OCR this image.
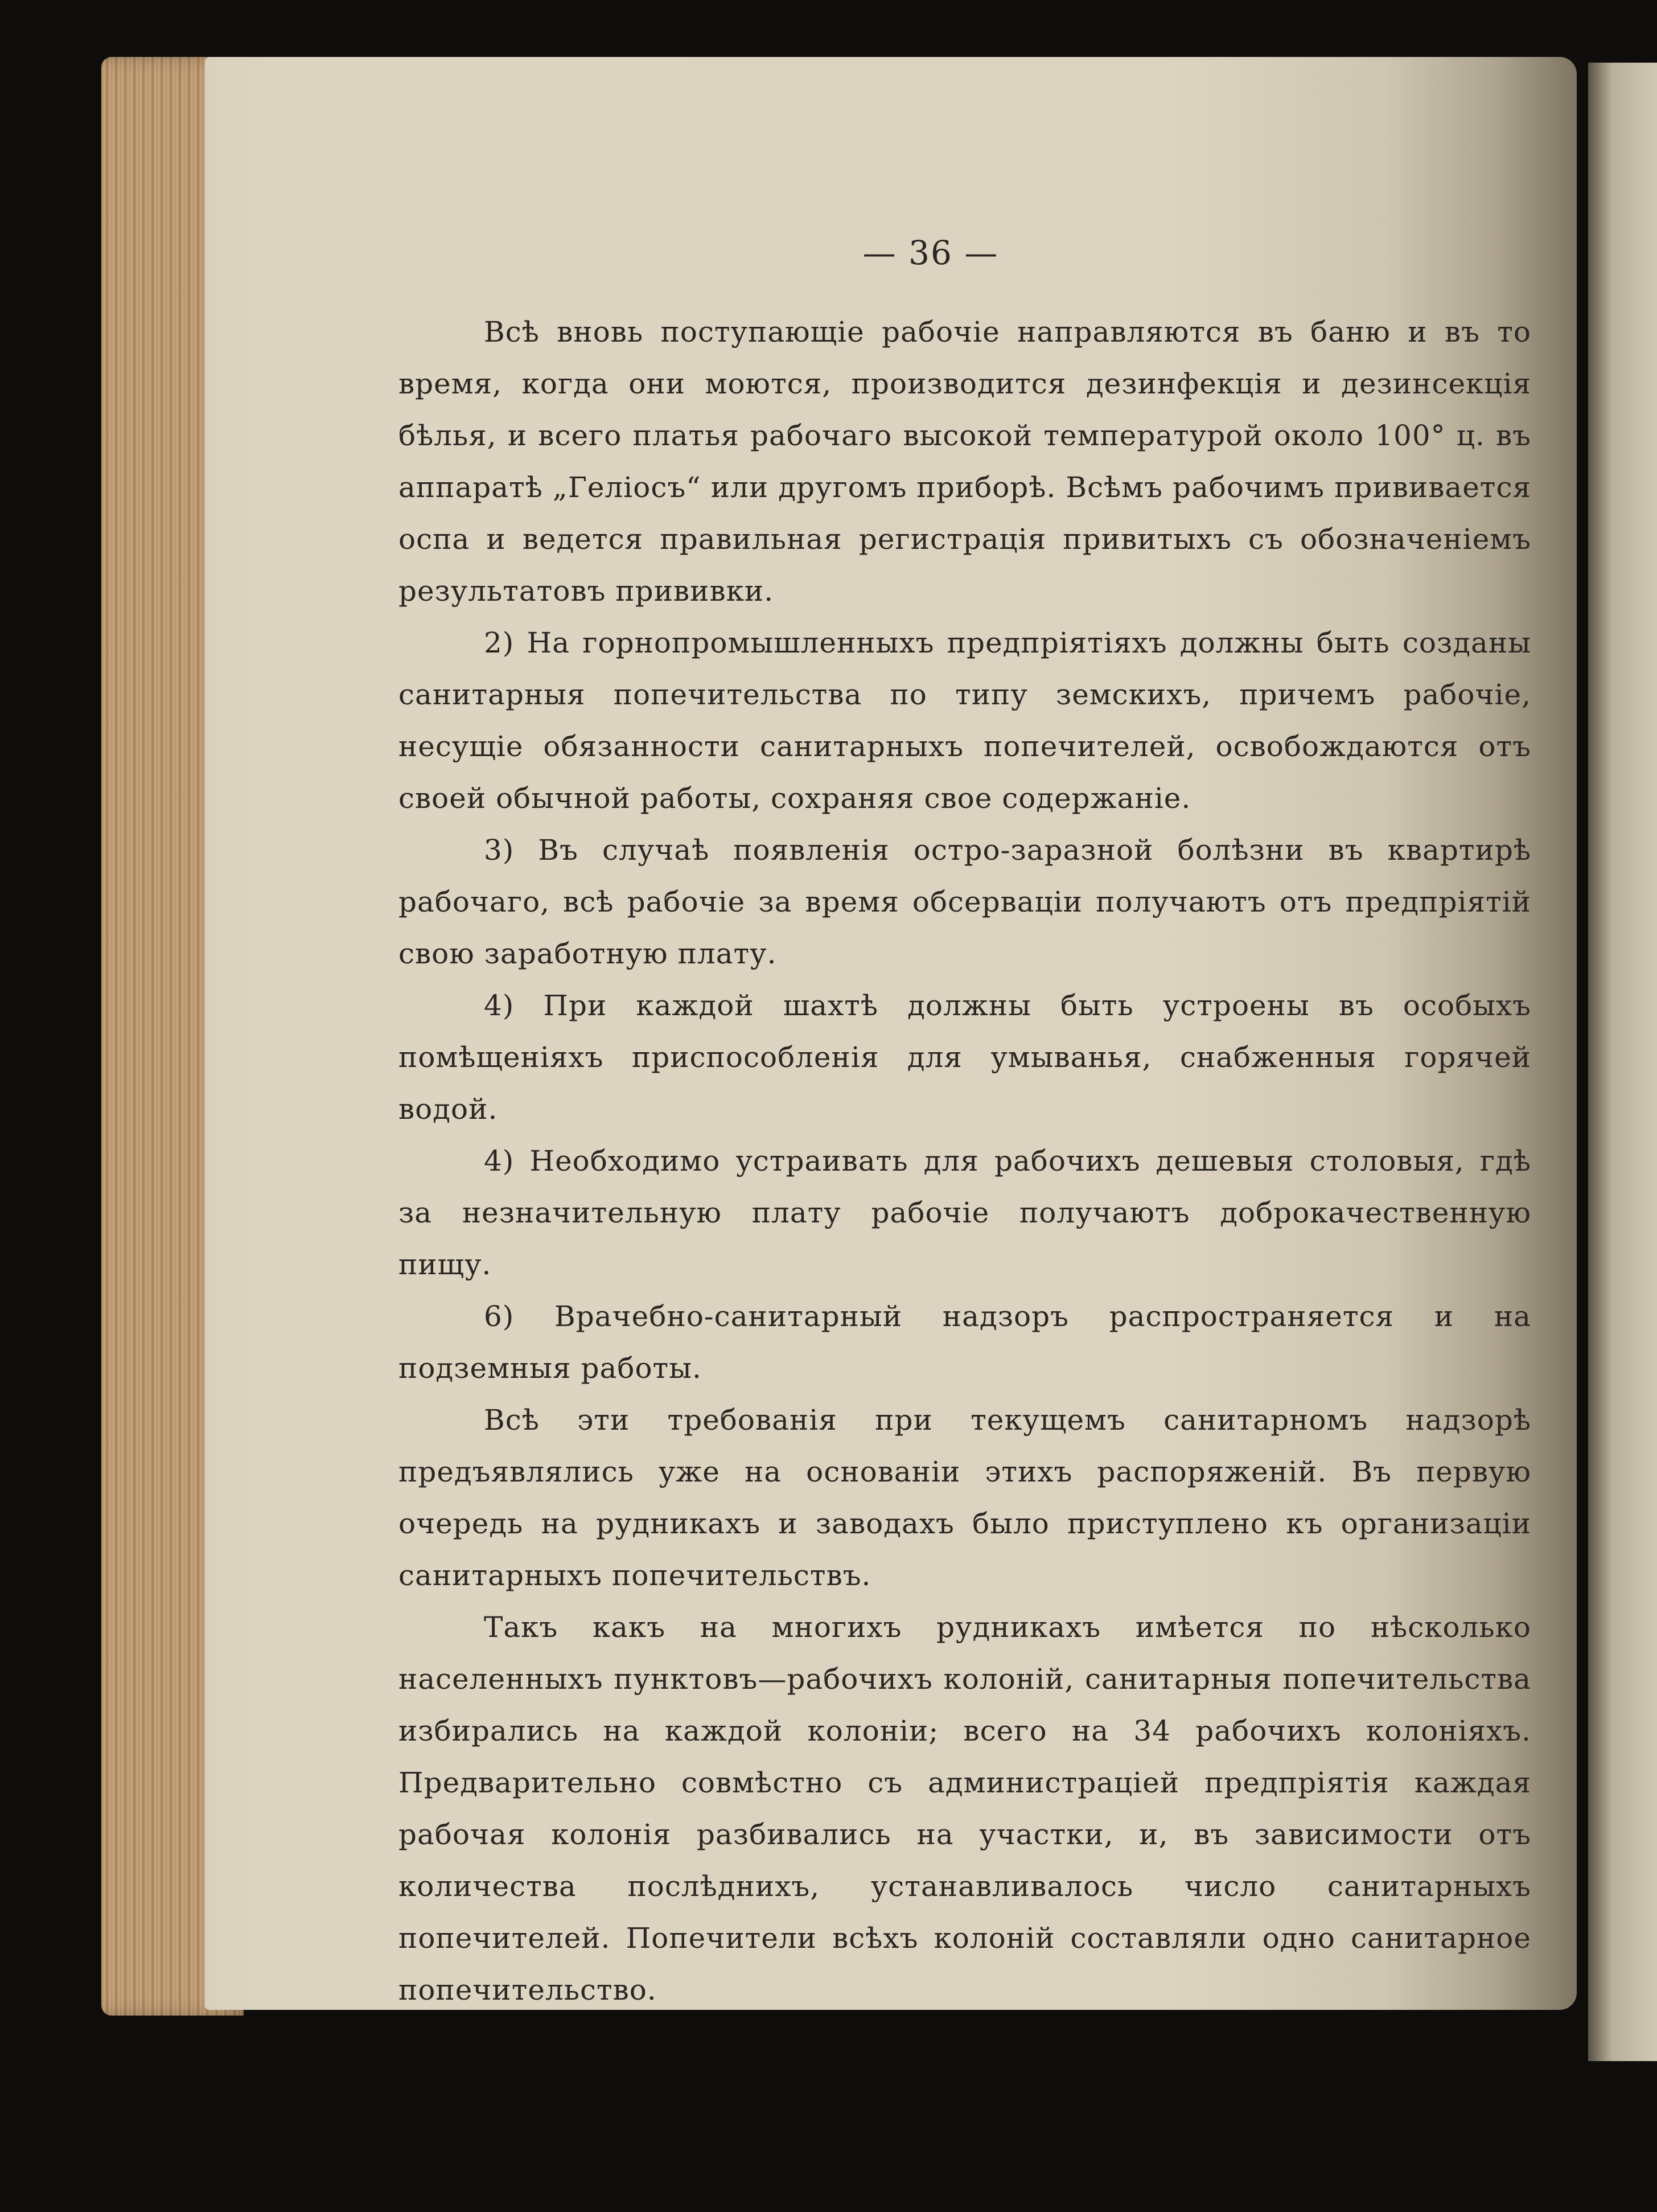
— 36 —

Всѣ вновь поступающіе рабочіе направляются въ баню и въ то время, когда они моются, производится дезинфекція и дезинсекція бѣлья, и всего платья рабочаго высокой температурой около 100° ц. въ аппаратѣ „Геліосъ“ или другомъ приборѣ. Всѣмъ рабочимъ прививается оспа и ведется правильная регистрація привитыхъ съ обозначеніемъ результатовъ прививки.

2) На горнопромышленныхъ предпріятіяхъ должны быть созданы санитарныя попечительства по типу земскихъ, причемъ рабочіе, несущіе обязанности санитарныхъ попечителей, освобождаются отъ своей обычной работы, сохраняя свое содержаніе.

3) Въ случаѣ появленія остро-заразной болѣзни въ квартирѣ рабочаго, всѣ рабочіе за время обсерваціи получаютъ отъ предпріятій свою заработную плату.

4) При каждой шахтѣ должны быть устроены въ особыхъ помѣщеніяхъ приспособленія для умыванья, снабженныя горячей водой.

4) Необходимо устраивать для рабочихъ дешевыя столовыя, гдѣ за незначительную плату рабочіе получаютъ доброкачественную пищу.

6) Врачебно-санитарный надзоръ распространяется и на подземныя работы.

Всѣ эти требованія при текущемъ санитарномъ надзорѣ предъявлялись уже на основаніи этихъ распоряженій. Въ первую очередь на рудникахъ и заводахъ было приступлено къ организаціи санитарныхъ попечительствъ.

Такъ какъ на многихъ рудникахъ имѣется по нѣсколько населенныхъ пунктовъ—рабочихъ колоній, санитарныя попечительства избирались на каждой колоніи; всего на 34 рабочихъ колоніяхъ. Предварительно совмѣстно съ администраціей предпріятія каждая рабочая колонія разбивались на участки, и, въ зависимости отъ количества послѣднихъ, устанавливалось число санитарныхъ попечителей. Попечители всѣхъ колоній составляли одно санитарное попечительство.
